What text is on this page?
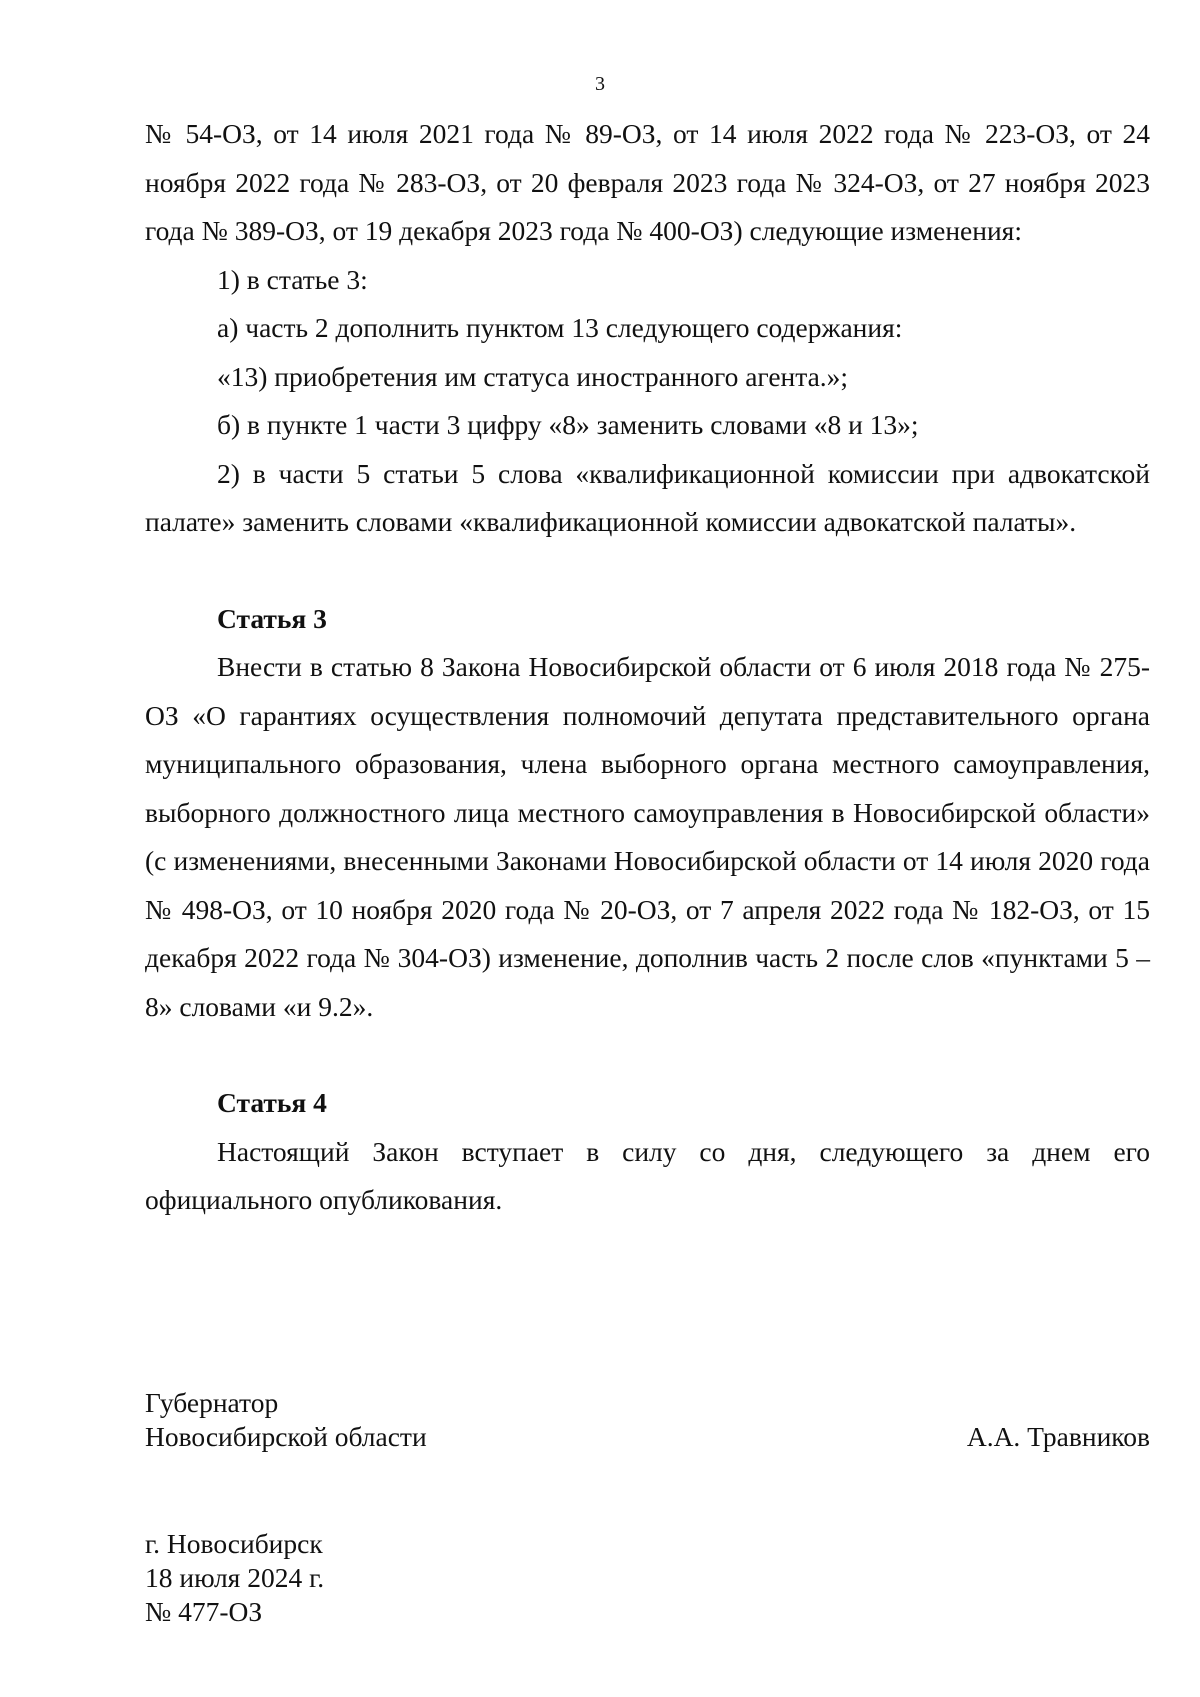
3

№ 54-ОЗ, от 14 июля 2021 года № 89-ОЗ, от 14 июля 2022 года № 223-ОЗ, от 24 ноября 2022 года № 283-ОЗ, от 20 февраля 2023 года № 324-ОЗ, от 27 ноября 2023 года № 389-ОЗ, от 19 декабря 2023 года № 400-ОЗ) следующие изменения:

1) в статье 3:

а) часть 2 дополнить пунктом 13 следующего содержания:

«13) приобретения им статуса иностранного агента.»;

б) в пункте 1 части 3 цифру «8» заменить словами «8 и 13»;

2) в части 5 статьи 5 слова «квалификационной комиссии при адвокатской палате» заменить словами «квалификационной комиссии адвокатской палаты».

Статья 3

Внести в статью 8 Закона Новосибирской области от 6 июля 2018 года № 275-ОЗ «О гарантиях осуществления полномочий депутата представительного органа муниципального образования, члена выборного органа местного самоуправления, выборного должностного лица местного самоуправления в Новосибирской области» (с изменениями, внесенными Законами Новосибирской области от 14 июля 2020 года № 498-ОЗ, от 10 ноября 2020 года № 20-ОЗ, от 7 апреля 2022 года № 182-ОЗ, от 15 декабря 2022 года № 304-ОЗ) изменение, дополнив часть 2 после слов «пунктами 5 – 8» словами «и 9.2».

Статья 4

Настоящий Закон вступает в силу со дня, следующего за днем его официального опубликования.

Губернатор
Новосибирской области	А.А. Травников
г. Новосибирск
18 июля 2024 г.
№ 477-ОЗ
